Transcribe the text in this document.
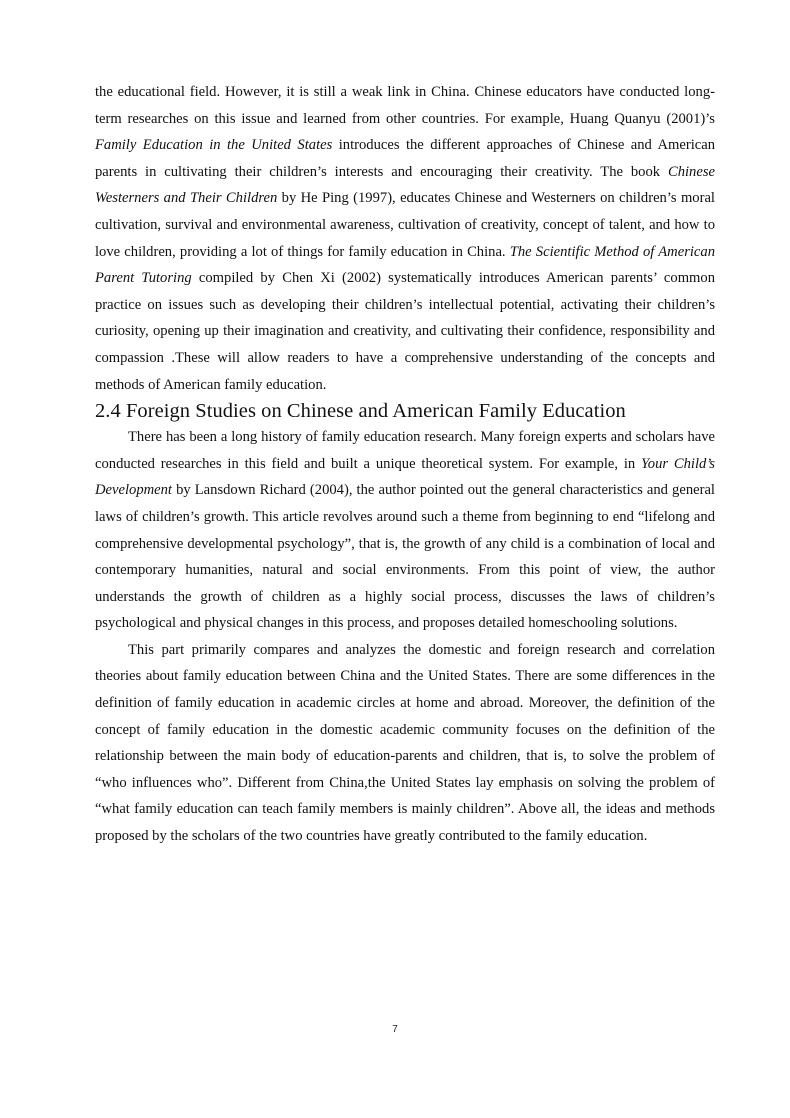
the educational field. However, it is still a weak link in China. Chinese educators have conducted long-term researches on this issue and learned from other countries. For example, Huang Quanyu (2001)’s Family Education in the United States introduces the different approaches of Chinese and American parents in cultivating their children’s interests and encouraging their creativity. The book Chinese Westerners and Their Children by He Ping (1997), educates Chinese and Westerners on children’s moral cultivation, survival and environmental awareness, cultivation of creativity, concept of talent, and how to love children, providing a lot of things for family education in China. The Scientific Method of American Parent Tutoring compiled by Chen Xi (2002) systematically introduces American parents’ common practice on issues such as developing their children’s intellectual potential, activating their children’s curiosity, opening up their imagination and creativity, and cultivating their confidence, responsibility and compassion .These will allow readers to have a comprehensive understanding of the concepts and methods of American family education.

2.4 Foreign Studies on Chinese and American Family Education

There has been a long history of family education research. Many foreign experts and scholars have conducted researches in this field and built a unique theoretical system. For example, in Your Child’s Development by Lansdown Richard (2004), the author pointed out the general characteristics and general laws of children’s growth. This article revolves around such a theme from beginning to end “lifelong and comprehensive developmental psychology”, that is, the growth of any child is a combination of local and contemporary humanities, natural and social environments. From this point of view, the author understands the growth of children as a highly social process, discusses the laws of children’s psychological and physical changes in this process, and proposes detailed homeschooling solutions.

This part primarily compares and analyzes the domestic and foreign research and correlation theories about family education between China and the United States. There are some differences in the definition of family education in academic circles at home and abroad. Moreover, the definition of the concept of family education in the domestic academic community focuses on the definition of the relationship between the main body of education-parents and children, that is, to solve the problem of “who influences who”. Different from China,the United States lay emphasis on solving the problem of “what family education can teach family members is mainly children”. Above all, the ideas and methods proposed by the scholars of the two countries have greatly contributed to the family education.

7
